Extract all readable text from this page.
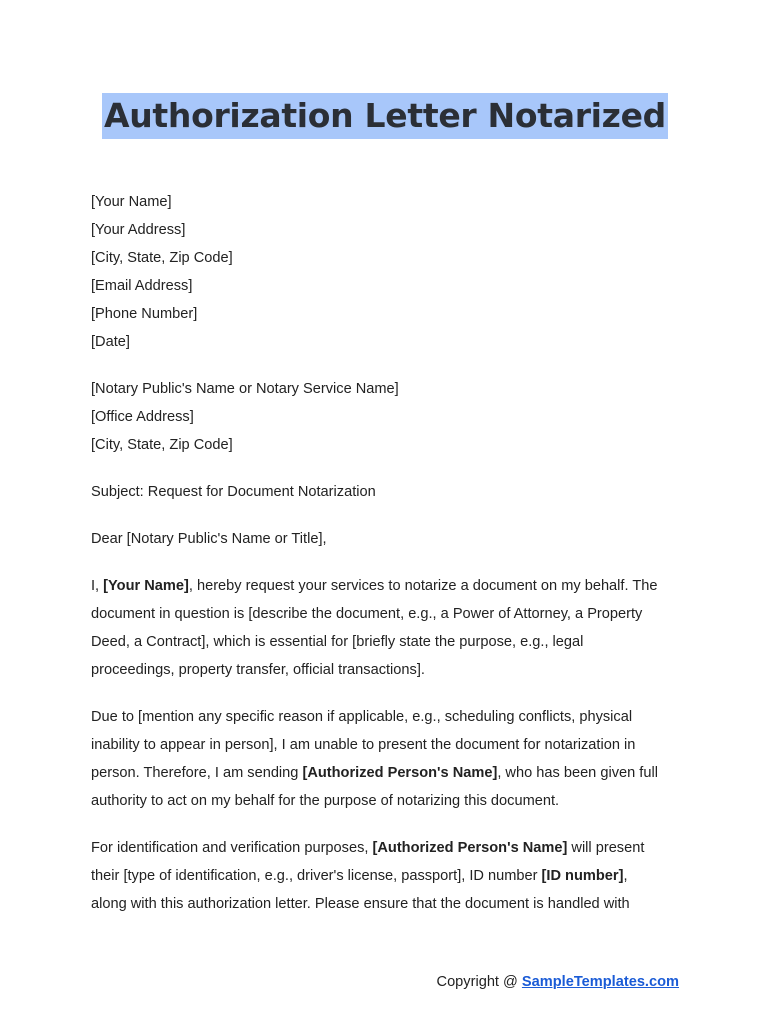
Authorization Letter Notarized
[Your Name]
[Your Address]
[City, State, Zip Code]
[Email Address]
[Phone Number]
[Date]
[Notary Public's Name or Notary Service Name]
[Office Address]
[City, State, Zip Code]

Subject: Request for Document Notarization

Dear [Notary Public's Name or Title],

I, [Your Name], hereby request your services to notarize a document on my behalf. The
document in question is [describe the document, e.g., a Power of Attorney, a Property
Deed, a Contract], which is essential for [briefly state the purpose, e.g., legal
proceedings, property transfer, official transactions].

Due to [mention any specific reason if applicable, e.g., scheduling conflicts, physical
inability to appear in person], I am unable to present the document for notarization in
person. Therefore, I am sending [Authorized Person's Name], who has been given full
authority to act on my behalf for the purpose of notarizing this document.

For identification and verification purposes, [Authorized Person's Name] will present
their [type of identification, e.g., driver's license, passport], ID number [ID number],
along with this authorization letter. Please ensure that the document is handled with

Copyright @ SampleTemplates.com
